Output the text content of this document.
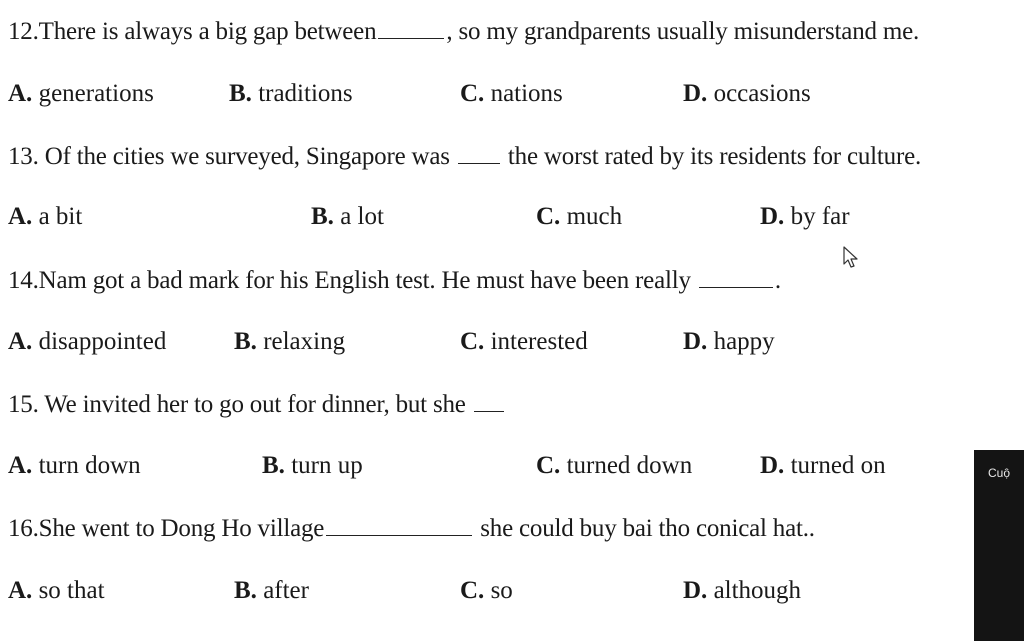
12.There is always a big gap between	, so my grandparents usually misunderstand me.
A. generations	B. traditions	C. nations	D. occasions
13. Of the cities we surveyed, Singapore was the worst rated by its residents for culture.
A. a bit	B. a lot	C. much	D. by far
14.Nam got a bad mark for his English test. He must have been really	.
A. disappointed	B. relaxing	C. interested	D. happy
15. We invited her to go out for dinner, but she
A. turn down	B. turn up	C. turned down	D. turned on
16.She went to Dong Ho village	she could buy bai tho conical hat..
A. so that	B. after	C. so	D. although
Cuộ
